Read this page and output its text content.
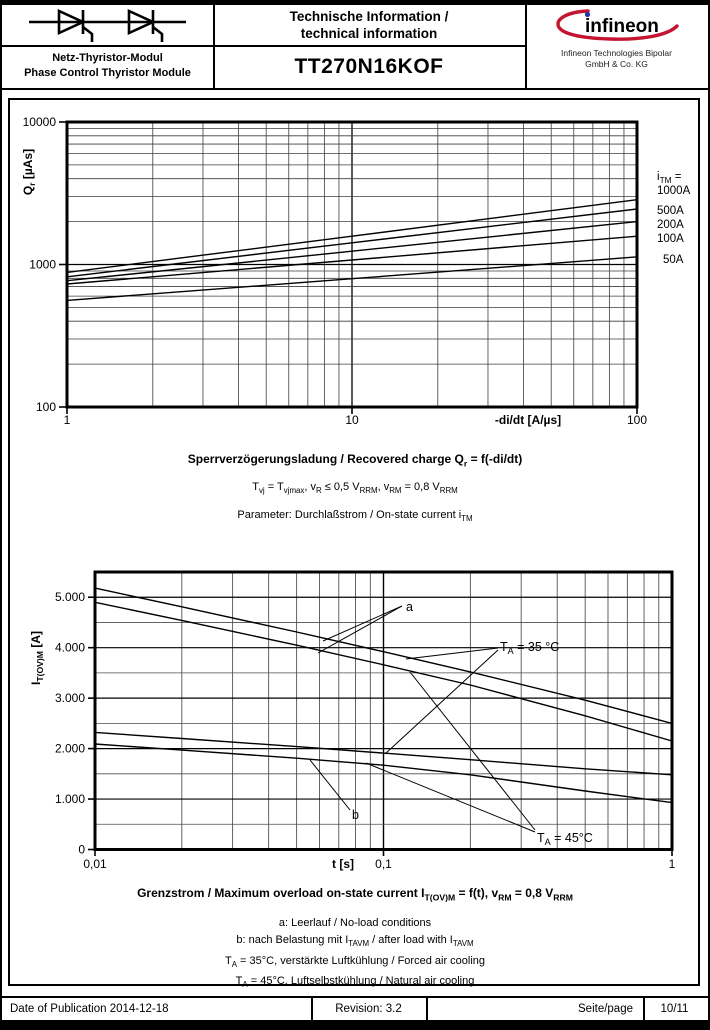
Netz-Thyristor-Modul
Phase Control Thyristor Module
Technische Information /
technical information
TT270N16KOF
infineon
Infineon Technologies Bipolar
GmbH & Co. KG
1	10	100
100
1000
10000
-di/dt [A/µs]
$Q_r$ [µAs]	$i_{TM}$ =
1000A
500A
200A
100A
50A
Sperrverzögerungsladung / Recovered charge $Q_r = f(-di/dt)$
$T_{vj} = T_{vjmax}$, $v_R \le 0,5$ $V_{RRM}$, $v_{RM} = 0,8$ $V_{RRM}$
Parameter: Durchlaßstrom / On-state current $i_{TM}$
0,01	0,1	1
0
1.000
2.000
3.000
4.000
5.000
t [s]
$I_{T(OV)M}$ [A]
a
b
$T_A = 35$ °C
$T_A = 45^\circ C$
Grenzstrom / Maximum overload on-state current $I_{T(OV)M} = f(t)$, $v_{RM} = 0,8$ $V_{RRM}$
a: Leerlauf / No-load conditions
b: nach Belastung mit $I_{TAVM}$ / after load with $I_{TAVM}$
$T_A = 35^\circ C$, verstärkte Luftkühlung / Forced air cooling
$T_A = 45^\circ C$, Luftselbstkühlung / Natural air cooling
Date of Publication 2014-12-18	Revision: 3.2	Seite/page	10/11
